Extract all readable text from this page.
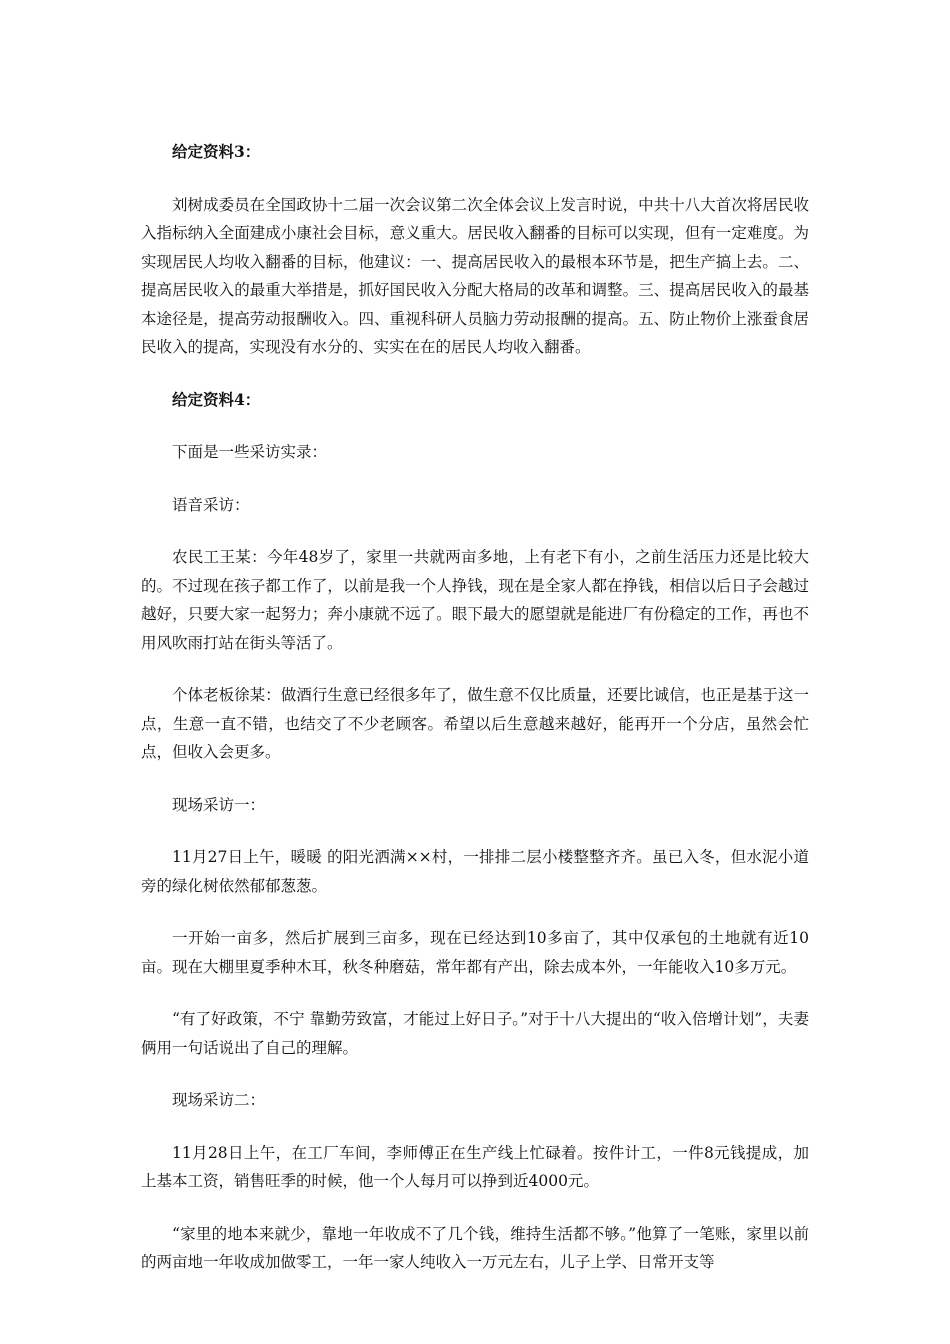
给定资料3：

刘树成委员在全国政协十二届一次会议第二次全体会议上发言时说，中共十八大首次将居民收入指标纳入全面建成小康社会目标，意义重大。居民收入翻番的目标可以实现，但有一定难度。为实现居民人均收入翻番的目标，他建议：一、提高居民收入的最根本环节是，把生产搞上去。二、提高居民收入的最重大举措是，抓好国民收入分配大格局的改革和调整。三、提高居民收入的最基本途径是，提高劳动报酬收入。四、重视科研人员脑力劳动报酬的提高。五、防止物价上涨蚕食居民收入的提高，实现没有水分的、实实在在的居民人均收入翻番。

给定资料4：

下面是一些采访实录：

语音采访：

农民工王某：今年48岁了，家里一共就两亩多地，上有老下有小，之前生活压力还是比较大的。不过现在孩子都工作了，以前是我一个人挣钱，现在是全家人都在挣钱，相信以后日子会越过越好，只要大家一起努力；奔小康就不远了。眼下最大的愿望就是能进厂有份稳定的工作，再也不用风吹雨打站在街头等活了。

个体老板徐某：做酒行生意已经很多年了，做生意不仅比质量，还要比诚信，也正是基于这一点，生意一直不错，也结交了不少老顾客。希望以后生意越来越好，能再开一个分店，虽然会忙点，但收入会更多。

现场采访一：

11月27日上午，暖暖 的阳光洒满××村，一排排二层小楼整整齐齐。虽已入冬，但水泥小道旁的绿化树依然郁郁葱葱。

一开始一亩多，然后扩展到三亩多，现在已经达到10多亩了，其中仅承包的土地就有近10亩。现在大棚里夏季种木耳，秋冬种磨菇，常年都有产出，除去成本外，一年能收入10多万元。

“有了好政策，不宁 靠勤劳致富，才能过上好日子。”对于十八大提出的“收入倍增计划”，夫妻俩用一句话说出了自己的理解。

现场采访二：

11月28日上午，在工厂车间，李师傅正在生产线上忙碌着。按件计工，一件8元钱提成，加上基本工资，销售旺季的时候，他一个人每月可以挣到近4000元。

“家里的地本来就少，靠地一年收成不了几个钱，维持生活都不够。”他算了一笔账，家里以前的两亩地一年收成加做零工，一年一家人纯收入一万元左右，儿子上学、日常开支等
